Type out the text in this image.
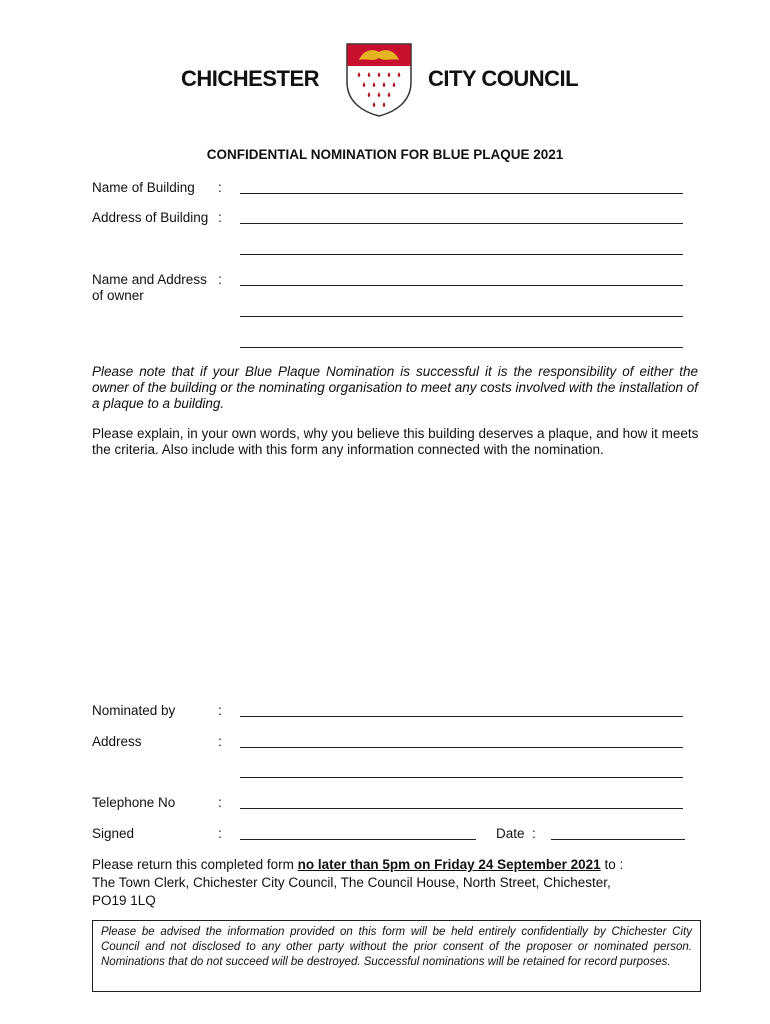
CHICHESTER	CITY COUNCIL
CONFIDENTIAL NOMINATION FOR BLUE PLAQUE 2021
Name of Building :
Address of Building :
Name and Address
of owner
:
Please note that if your Blue Plaque Nomination is successful it is the responsibility of either the owner of the building or the nominating organisation to meet any costs involved with the installation of a plaque to a building.
Please explain, in your own words, why you believe this building deserves a plaque, and how it meets the criteria. Also include with this form any information connected with the nomination.
Nominated by	:
Address	:
Telephone No	:
Signed	:	Date :
Please return this completed form no later than 5pm on Friday 24 September 2021 to :
The Town Clerk, Chichester City Council, The Council House, North Street, Chichester,
PO19 1LQ
Please be advised the information provided on this form will be held entirely confidentially by Chichester City Council and not disclosed to any other party without the prior consent of the proposer or nominated person. Nominations that do not succeed will be destroyed. Successful nominations will be retained for record purposes.
